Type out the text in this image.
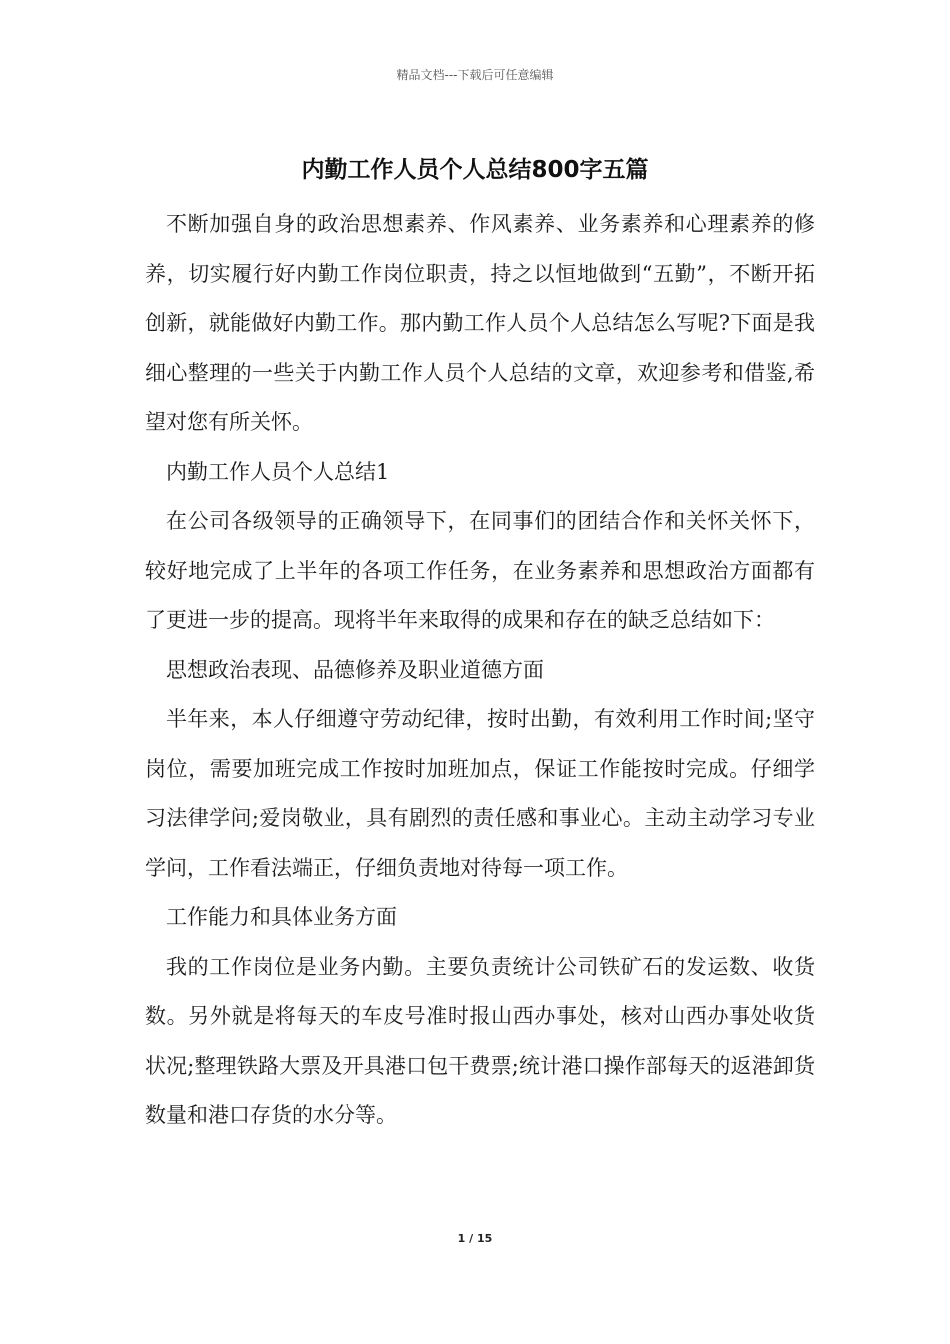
精品文档---下载后可任意编辑
内勤工作人员个人总结800字五篇

不断加强自身的政治思想素养、作风素养、业务素养和心理素养的修养，切实履行好内勤工作岗位职责，持之以恒地做到“五勤”，不断开拓创新，就能做好内勤工作。那内勤工作人员个人总结怎么写呢?下面是我细心整理的一些关于内勤工作人员个人总结的文章，欢迎参考和借鉴,希望对您有所关怀。

内勤工作人员个人总结1

在公司各级领导的正确领导下，在同事们的团结合作和关怀关怀下，较好地完成了上半年的各项工作任务，在业务素养和思想政治方面都有了更进一步的提高。现将半年来取得的成果和存在的缺乏总结如下：

思想政治表现、品德修养及职业道德方面

半年来，本人仔细遵守劳动纪律，按时出勤，有效利用工作时间;坚守岗位，需要加班完成工作按时加班加点，保证工作能按时完成。仔细学习法律学问;爱岗敬业，具有剧烈的责任感和事业心。主动主动学习专业学问，工作看法端正，仔细负责地对待每一项工作。

工作能力和具体业务方面

我的工作岗位是业务内勤。主要负责统计公司铁矿石的发运数、收货数。另外就是将每天的车皮号准时报山西办事处，核对山西办事处收货状况;整理铁路大票及开具港口包干费票;统计港口操作部每天的返港卸货数量和港口存货的水分等。

1 / 15
